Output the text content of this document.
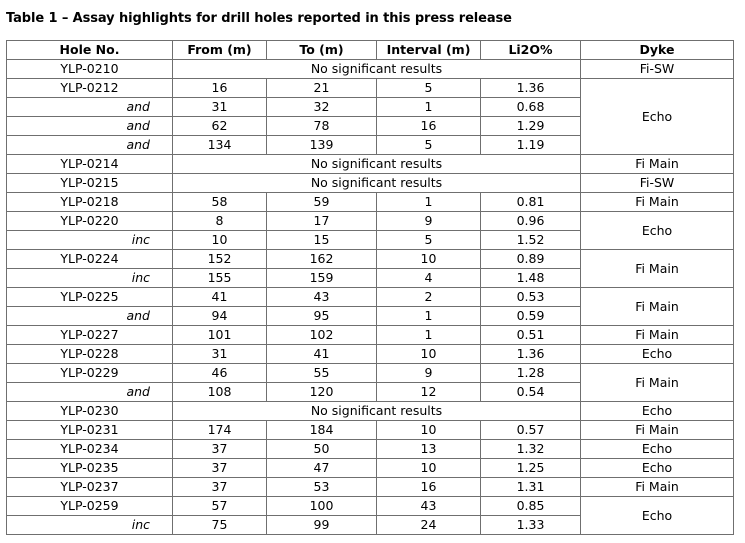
Table 1 – Assay highlights for drill holes reported in this press release
Hole No.	From (m)	To (m)	Interval (m)	Li2O%	Dyke
YLP-0210	No significant results				Fi-SW
YLP-0212	16	21	5	1.36	Echo
and	31	32	1	0.68	
and	62	78	16	1.29	
and	134	139	5	1.19	
YLP-0214	No significant results				Fi Main
YLP-0215	No significant results				Fi-SW
YLP-0218	58	59	1	0.81	Fi Main
YLP-0220	8	17	9	0.96	Echo
inc	10	15	5	1.52	
YLP-0224	152	162	10	0.89	Fi Main
inc	155	159	4	1.48	
YLP-0225	41	43	2	0.53	Fi Main
and	94	95	1	0.59	
YLP-0227	101	102	1	0.51	Fi Main
YLP-0228	31	41	10	1.36	Echo
YLP-0229	46	55	9	1.28	Fi Main
and	108	120	12	0.54	
YLP-0230	No significant results				Echo
YLP-0231	174	184	10	0.57	Fi Main
YLP-0234	37	50	13	1.32	Echo
YLP-0235	37	47	10	1.25	Echo
YLP-0237	37	53	16	1.31	Fi Main
YLP-0259	57	100	43	0.85	Echo
inc	75	99	24	1.33	
